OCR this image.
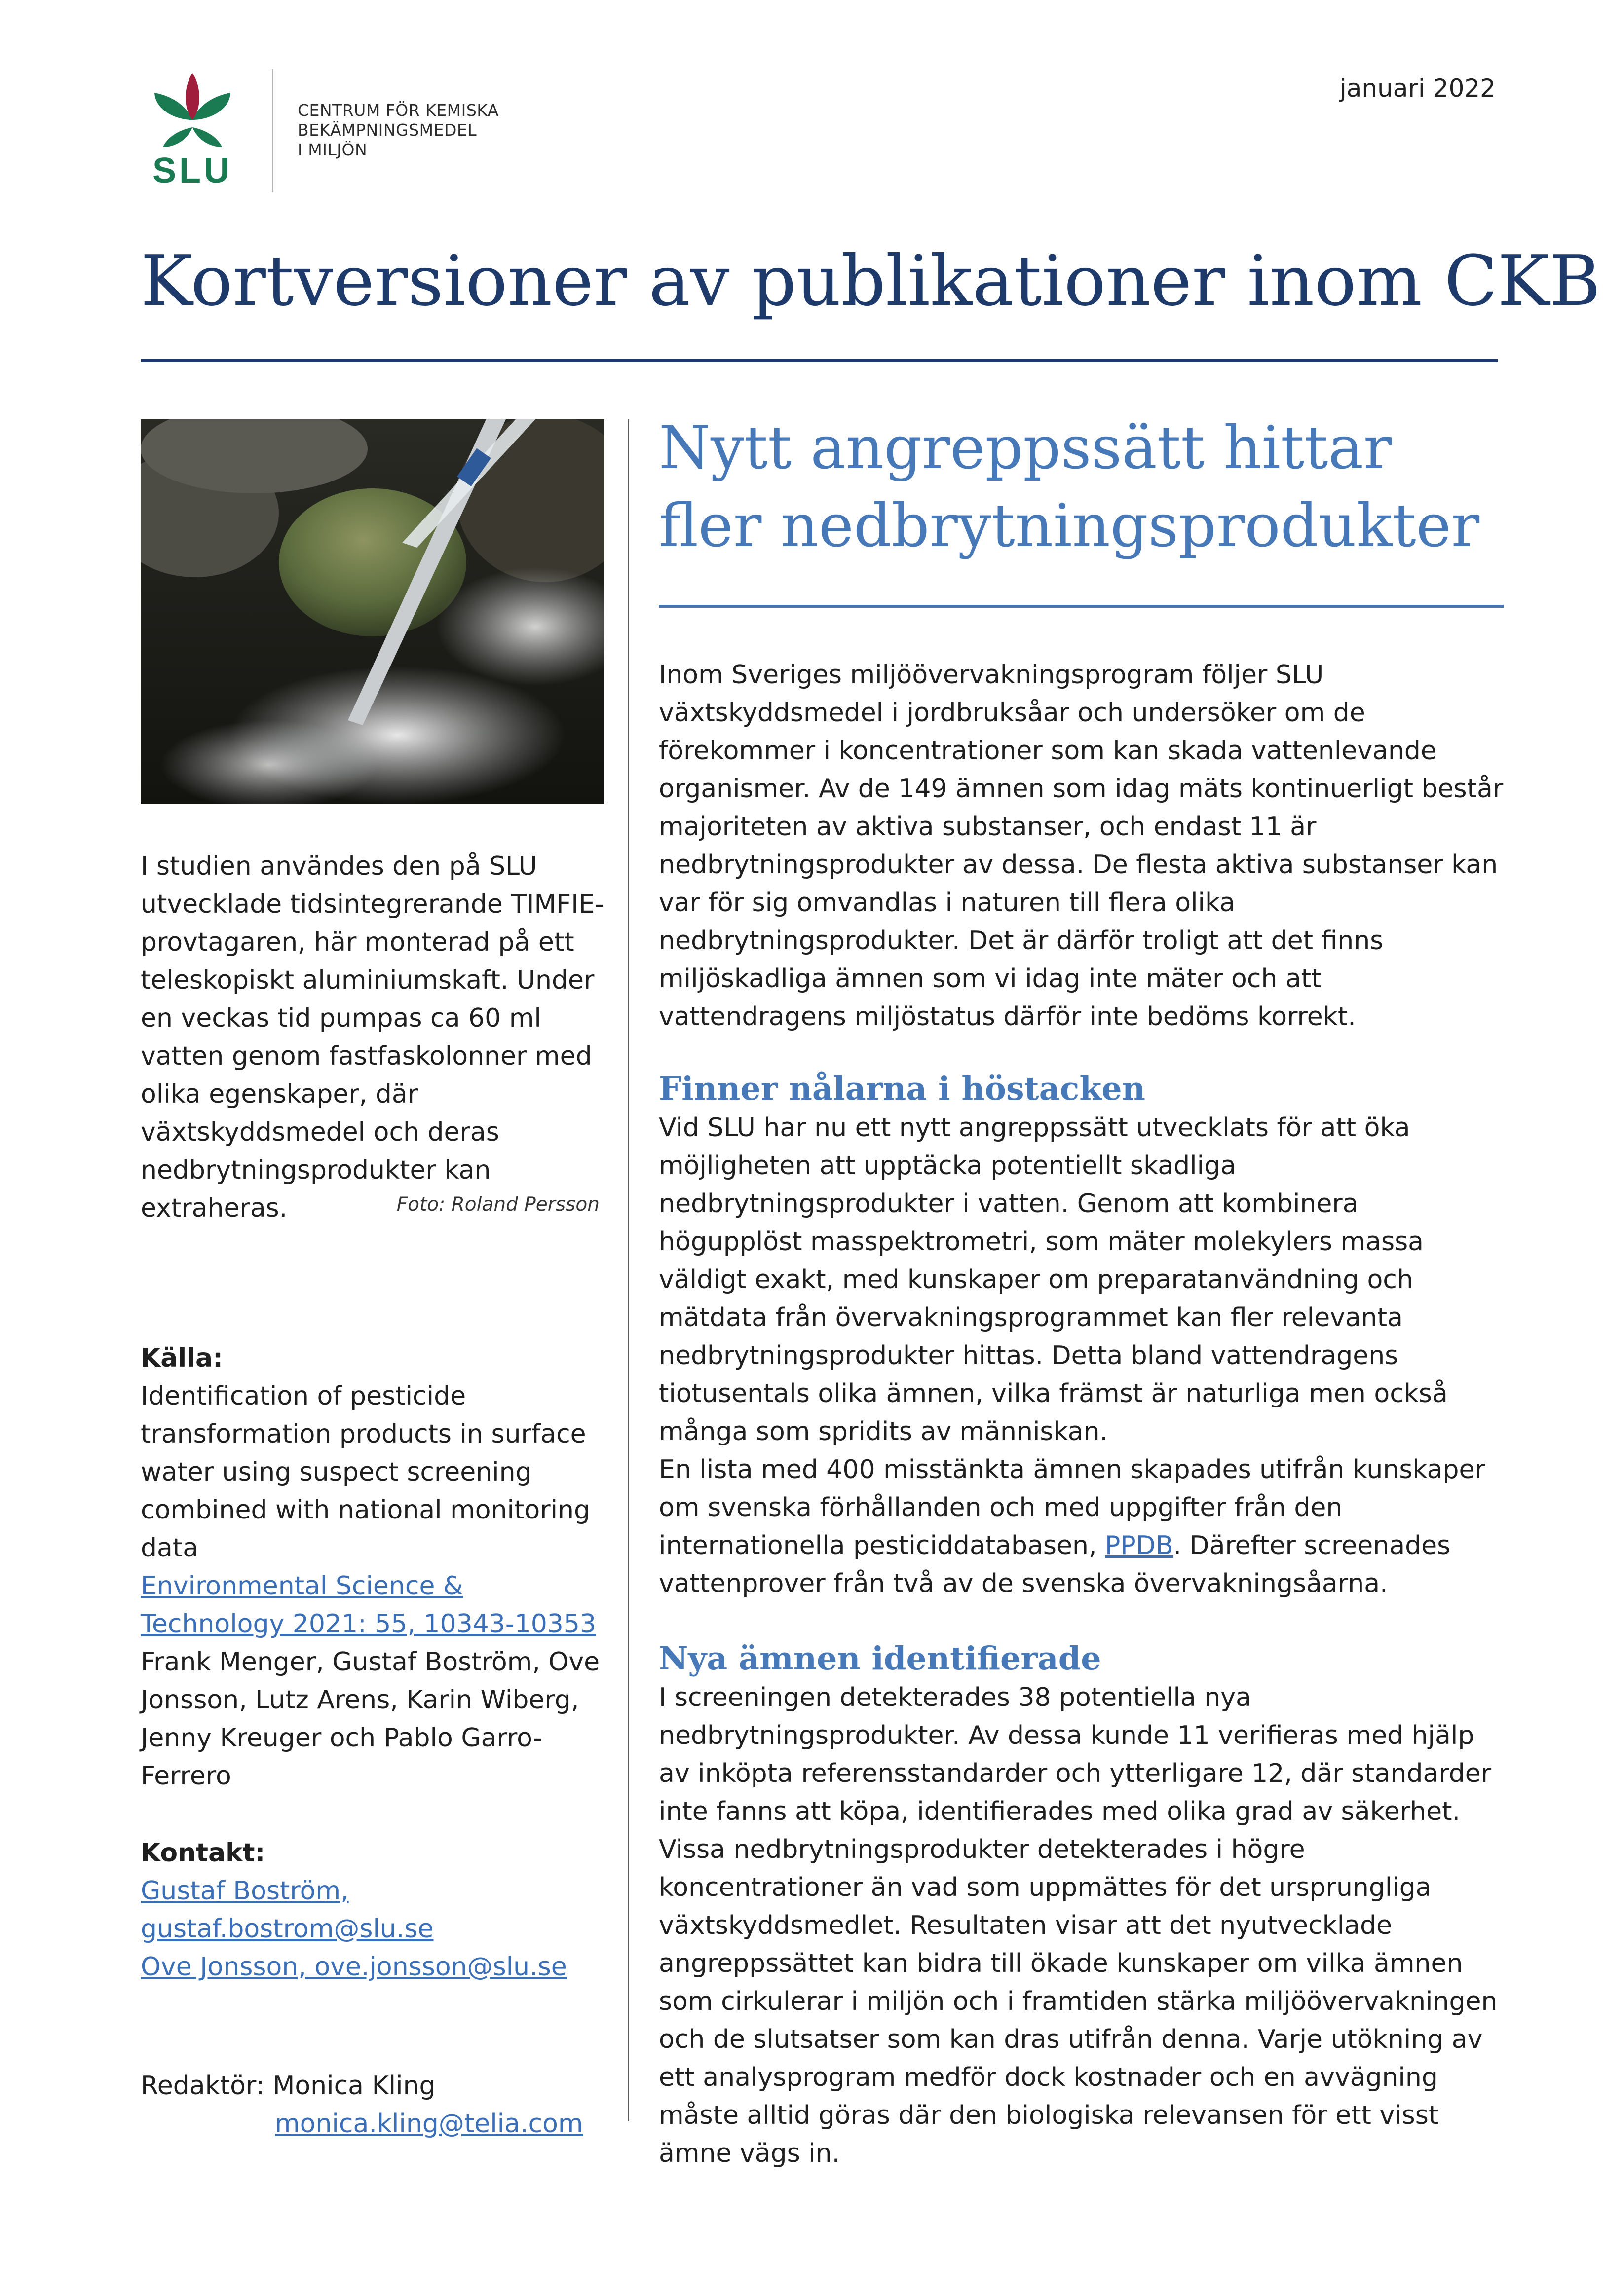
SLU
CENTRUM FÖR KEMISKA
BEKÄMPNINGSMEDEL
I MILJÖN
januari 2022
Kortversioner av publikationer inom CKB
I studien användes den på SLU utvecklade tidsintegrerande TIMFIE-provtagaren, här monterad på ett teleskopiskt aluminiumskaft. Under en veckas tid pumpas ca 60 ml vatten genom fastfaskolonner med olika egenskaper, där växtskyddsmedel och deras nedbrytningsprodukter kan extraheras.	Foto: Roland Persson
Källa:
Identification of pesticide transformation products in surface water using suspect screening combined with national monitoring data
Environmental Science & Technology 2021: 55, 10343-10353
Frank Menger, Gustaf Boström, Ove Jonsson, Lutz Arens, Karin Wiberg, Jenny Kreuger och Pablo Garro-Ferrero
Kontakt:
Gustaf Boström, gustaf.bostrom@slu.se
Ove Jonsson, ove.jonsson@slu.se
Redaktör: Monica Kling
monica.kling@telia.com
Nytt angreppssätt hittar fler nedbrytningsprodukter

Inom Sveriges miljöövervakningsprogram följer SLU växtskyddsmedel i jordbruksåar och undersöker om de förekommer i koncentrationer som kan skada vattenlevande organismer. Av de 149 ämnen som idag mäts kontinuerligt består majoriteten av aktiva substanser, och endast 11 är nedbrytningsprodukter av dessa. De flesta aktiva substanser kan var för sig omvandlas i naturen till flera olika nedbrytningsprodukter. Det är därför troligt att det finns miljöskadliga ämnen som vi idag inte mäter och att vattendragens miljöstatus därför inte bedöms korrekt.

Finner nålarna i höstacken

Vid SLU har nu ett nytt angreppssätt utvecklats för att öka möjligheten att upptäcka potentiellt skadliga nedbrytningsprodukter i vatten. Genom att kombinera högupplöst masspektrometri, som mäter molekylers massa väldigt exakt, med kunskaper om preparatanvändning och mätdata från övervakningsprogrammet kan fler relevanta nedbrytningsprodukter hittas. Detta bland vattendragens tiotusentals olika ämnen, vilka främst är naturliga men också många som spridits av människan.

En lista med 400 misstänkta ämnen skapades utifrån kunskaper om svenska förhållanden och med uppgifter från den internationella pesticiddatabasen, PPDB. Därefter screenades vattenprover från två av de svenska övervakningsåarna.

Nya ämnen identifierade

I screeningen detekterades 38 potentiella nya nedbrytningsprodukter. Av dessa kunde 11 verifieras med hjälp av inköpta referensstandarder och ytterligare 12, där standarder inte fanns att köpa, identifierades med olika grad av säkerhet. Vissa nedbrytningsprodukter detekterades i högre koncentrationer än vad som uppmättes för det ursprungliga växtskyddsmedlet. Resultaten visar att det nyutvecklade angreppssättet kan bidra till ökade kunskaper om vilka ämnen som cirkulerar i miljön och i framtiden stärka miljöövervakningen och de slutsatser som kan dras utifrån denna. Varje utökning av ett analysprogram medför dock kostnader och en avvägning måste alltid göras där den biologiska relevansen för ett visst ämne vägs in.
